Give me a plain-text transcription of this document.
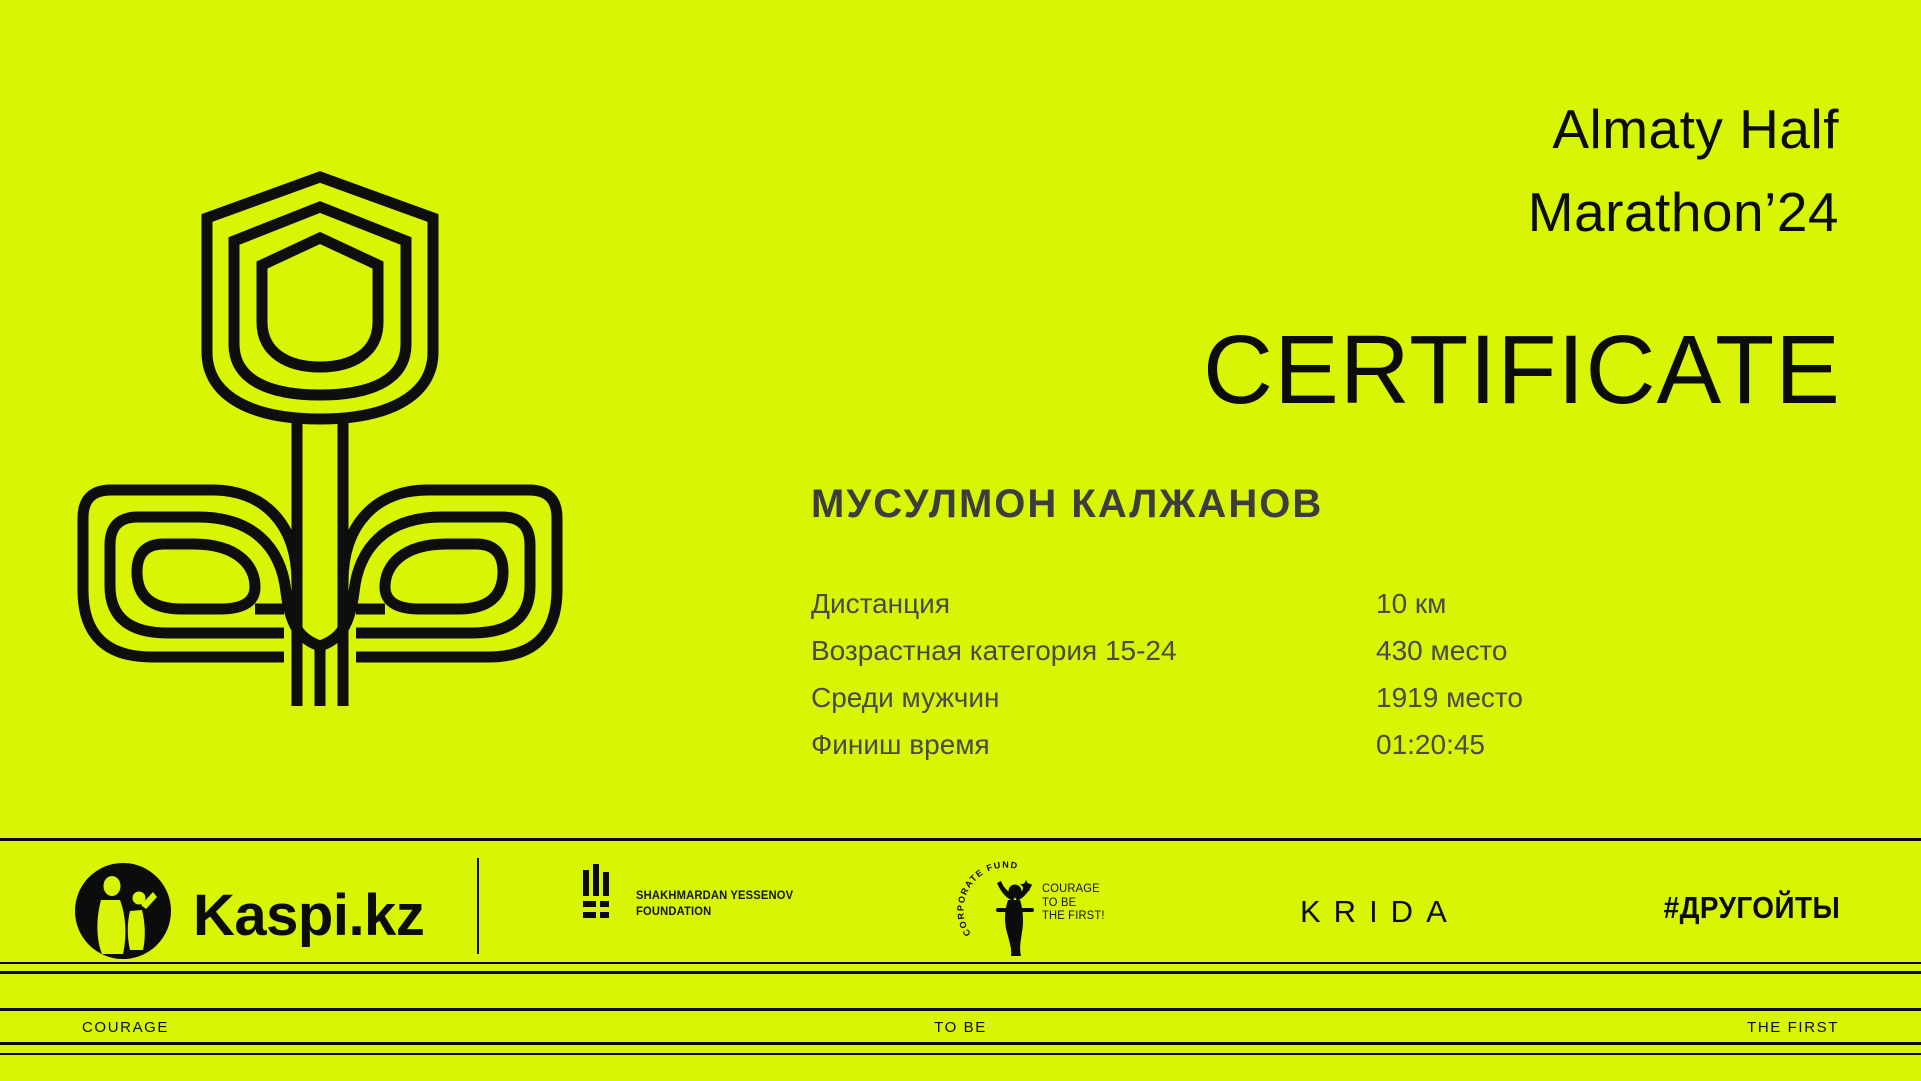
Almaty Half
Marathon’24
CERTIFICATE
МУСУЛМОН КАЛЖАНОВ
Дистанция	10 км
Возрастная категория 15-24	430 место
Среди мужчин	1919 место
Финиш время	01:20:45
Kaspi.kz	SHAKHMARDAN YESSENOV
FOUNDATION
CORPORATE FUND
COURAGE
TO BE
THE FIRST!	KRIDA	#ДРУГОЙТЫ
COURAGE	TO BE	THE FIRST
